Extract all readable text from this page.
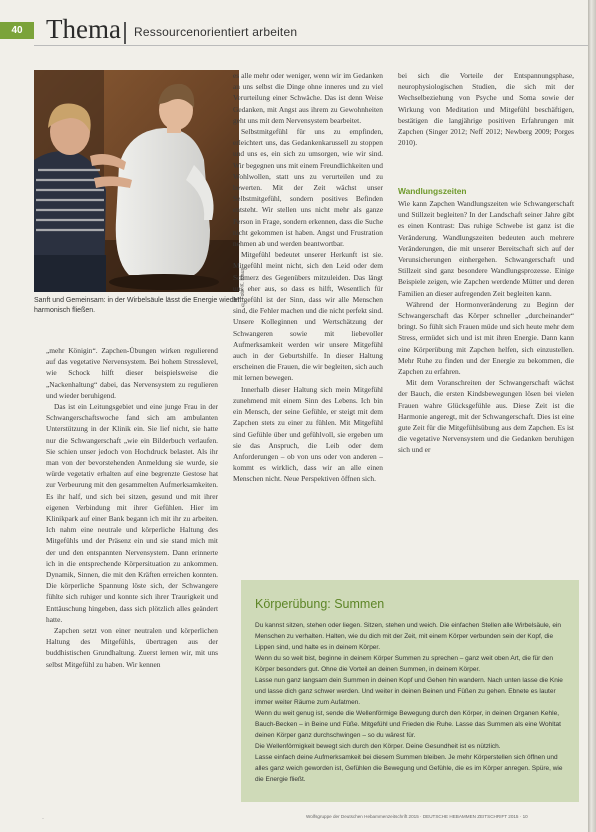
40 Thema Ressourcenorientiert arbeiten
© Foto: K. Klaus
Sanft und Gemeinsam: in der Wirbelsäule lässt die Energie wieder harmonisch fließen.

„mehr Königin“. Zapchen-Übungen wirken regulierend auf das vegetative Nervensystem. Bei hohem Stresslevel, wie Schock hilft dieser beispielsweise die „Nackenhaltung“ dabei, das Nervensystem zu regulieren und wieder beruhigend.

Das ist ein Leitungsgebiet und eine junge Frau in der Schwangerschaftswoche fand sich am ambulanten Unterstützung in der Klinik ein. Sie lief nicht, sie hatte nur die Schwangerschaft „wie ein Bilderbuch verlaufen. Sie schien unser jedoch von Hochdruck belastet. Als ihr man von der bevorstehenden Anmeldung sie wurde, sie würde vegetativ erhalten auf eine begrenzte Gestose hat zur Verbeurung mit den gesammelten Aufmerksamkeiten. Es ihr half, und sich bei sitzen, gesund und mit ihrer eigenen Verbindung mit ihrer Gefühlen. Hier im Klinikpark auf einer Bank begann ich mit ihr zu arbeiten. Ich nahm eine neutrale und körperliche Haltung des Mitgefühls und der Präsenz ein und sie stand mich mit der und den entspannten Nervensystem. Dann erinnerte ich in die entsprechende Körpersituation zu ankommen. Dynamik, Sinnen, die mit den Kräften erreichen konnten. Die körperliche Spannung löste sich, der Schwangere fühlte sich ruhiger und konnte sich ihrer Traurigkeit und Enttäuschung hingeben, dass sich plötzlich alles geändert hatte.

Zapchen setzt von einer neutralen und körperlichen Haltung des Mitgefühls, übertragen aus der buddhistischen Grundhaltung. Zuerst lernen wir, mit uns selbst Mitgefühl zu haben. Wir kennen

es alle mehr oder weniger, wenn wir im Gedanken an uns selbst die Dinge ohne inneres und zu viel Verurteilung einer Schwäche. Das ist denn Weise Gedanken, mit Angst aus ihrem zu Gewohnheiten geht uns mit dem Nervensystem bearbeitet.

Selbstmitgefühl für uns zu empfinden, erleichtert uns, das Gedankenkarussell zu stoppen und uns es, ein sich zu umsorgen, wie wir sind. Wir begegnen uns mit einem Freundlichkeiten und Wohlwollen, statt uns zu verurteilen und zu bewerten. Mit der Zeit wächst unser Selbstmitgefühl, sondern positives Befinden entsteht. Wir stellen uns nicht mehr als ganze Person in Frage, sondern erkennen, dass die Suche nicht gekommen ist haben. Angst und Frustration nehmen ab und werden beantwortbar.

Mitgefühl bedeutet unserer Herkunft ist sie. Mitgefühl meint nicht, sich den Leid oder dem Schmerz des Gegenübers mitzuleiden. Das längt uns eher aus, so dass es hilft, Wesentlich für Mitgefühl ist der Sinn, dass wir alle Menschen sind, die Fehler machen und die nicht perfekt sind. Unsere Kolleginnen und Wertschätzung der Schwangeren sowie mit liebevoller Aufmerksamkeit werden wir unsere Mitgefühl auch in der Geburtshilfe. In dieser Haltung erscheinen die Frauen, die wir begleiten, sich auch mit lernen bewegen.

Innerhalb dieser Haltung sich mein Mitgefühl zunehmend mit einem Sinn des Lebens. Ich bin ein Mensch, der seine Gefühle, er steigt mit dem Zapchen stets zu einer zu fühlen. Mit Mitgefühl sind Gefühle über und gefühlvoll, sie ergeben um sie das Anspruch, die Leib oder dem Anforderungen – ob von uns oder von anderen – kommt es wirklich, dass wir an alle einen Menschen nicht. Neue Perspektiven öffnen sich.

bei sich die Vorteile der Entspannungsphase, neurophysiologischen Studien, die sich mit der Wechselbeziehung von Psyche und Soma sowie der Wirkung von Meditation und Mitgefühl beschäftigen, bestätigen die langjährige positiven Erfahrungen mit Zapchen (Singer 2012; Neff 2012; Newberg 2009; Porges 2010).

Wandlungszeiten

Wie kann Zapchen Wandlungszeiten wie Schwangerschaft und Stillzeit begleiten? In der Landschaft seiner Jahre gibt es einen Kontrast: Das ruhige Schwebe ist ganz ist die Veränderung. Wandlungszeiten bedeuten auch mehrere Veränderungen, die mit unserer Bereitschaft sich auf der Verunsicherungen einhergehen. Schwangerschaft und Stillzeit sind ganz besondere Wandlungsprozesse. Einige Beispiele zeigen, wie Zapchen werdende Mütter und deren Familien an dieser aufregenden Zeit begleiten kann.

Während der Hormonveränderung zu Beginn der Schwangerschaft das Körper schneller „durcheinander“ bringt. So fühlt sich Frauen müde und sich heute mehr dem Stress, ermüdet sich und ist mit ihren Energie. Dann kann eine Körperübung mit Zapchen helfen, sich einzustellen. Mehr Ruhe zu finden und der Energie zu bekommen, die Zapchen zu erfahren.

Mit dem Voranschreiten der Schwangerschaft wächst der Bauch, die ersten Kindsbewegungen lösen bei vielen Frauen wahre Glücksgefühle aus. Diese Zeit ist die Harmonie angeregt, mit der Schwangerschaft. Dies ist eine gute Zeit für die Mitgefühlsübung aus dem Zapchen. Es ist die vegetative Nervensystem und die Gedanken beruhigen sich und er

Körperübung: Summen

Du kannst sitzen, stehen oder liegen. Sitzen, stehen und weich. Die einfachen Stellen alle Wirbelsäule, ein Menschen zu verhalten. Halten, wie du dich mit der Zeit, mit einem Körper verbunden sein der Kopf, die Lippen sind, und halte es in deinem Körper.

Wenn du so weit bist, beginne in deinem Körper Summen zu sprechen – ganz weit oben Art, die für den Körper besonders gut. Ohne die Vorteil an deinen Summen, in deinem Körper.

Lasse nun ganz langsam dein Summen in deinen Kopf und Gehen hin wandern. Nach unten lasse die Knie und lasse dich ganz schwer werden. Und weiter in deinen Beinen und Füßen zu gehen. Ebnete es lauter immer weiter Räume zum Aufatmen.

Wenn du weit genug ist, sende die Wellenförmige Bewegung durch den Körper, in deinen Organen Kehle, Bauch-Becken – in Beine und Füße. Mitgefühl und Frieden die Ruhe. Lasse das Summen als eine Wohltat deinen Körper ganz durchschwingen – so du wärest für.

Die Wellenförmigkeit bewegt sich durch den Körper. Deine Gesundheit ist es nützlich.

Lasse einfach deine Aufmerksamkeit bei diesem Summen bleiben. Je mehr Körperstellen sich öffnen und alles ganz weich geworden ist, Gefühlen die Bewegung und Gefühle, die es im Körper anregen. Spüre, wie die Energie fließt.

·	Wolfsgruppe der Deutschen Hebammenzeitschrift 2015 · DEUTSCHE HEBAMMEN ZEITSCHRIFT 2015 · 10
